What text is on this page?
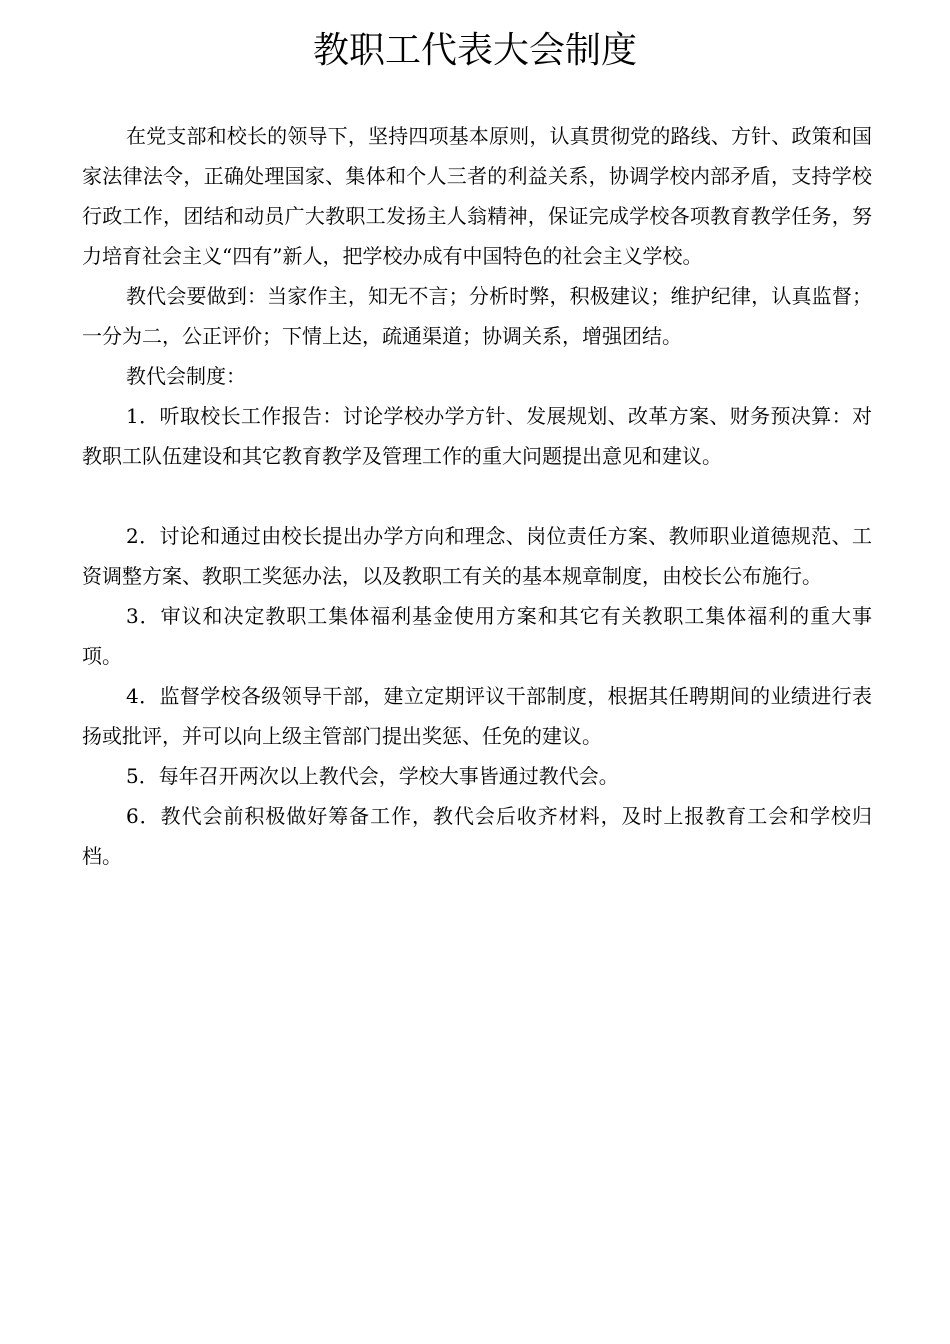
教职工代表大会制度

在党支部和校长的领导下，坚持四项基本原则，认真贯彻党的路线、方针、政策和国家法律法令，正确处理国家、集体和个人三者的利益关系，协调学校内部矛盾，支持学校行政工作，团结和动员广大教职工发扬主人翁精神，保证完成学校各项教育教学任务，努力培育社会主义“四有”新人，把学校办成有中国特色的社会主义学校。

教代会要做到：当家作主，知无不言；分析时弊，积极建议；维护纪律，认真监督；一分为二，公正评价；下情上达，疏通渠道；协调关系，增强团结。

教代会制度：

1．听取校长工作报告：讨论学校办学方针、发展规划、改革方案、财务预决算：对教职工队伍建设和其它教育教学及管理工作的重大问题提出意见和建议。

2．讨论和通过由校长提出办学方向和理念、岗位责任方案、教师职业道德规范、工资调整方案、教职工奖惩办法，以及教职工有关的基本规章制度，由校长公布施行。

3．审议和决定教职工集体福利基金使用方案和其它有关教职工集体福利的重大事项。

4．监督学校各级领导干部，建立定期评议干部制度，根据其任聘期间的业绩进行表扬或批评，并可以向上级主管部门提出奖惩、任免的建议。

5．每年召开两次以上教代会，学校大事皆通过教代会。

6．教代会前积极做好筹备工作，教代会后收齐材料，及时上报教育工会和学校归档。
